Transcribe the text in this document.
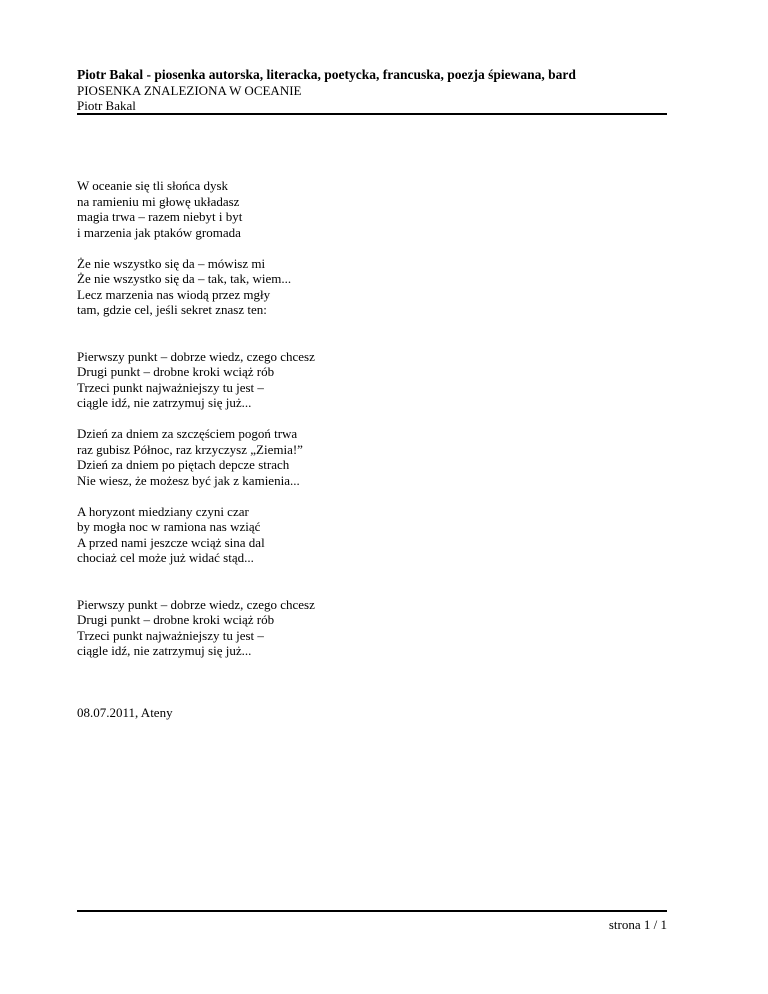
Piotr Bakal - piosenka autorska, literacka, poetycka, francuska, poezja śpiewana, bard
PIOSENKA ZNALEZIONA W OCEANIE
Piotr Bakal
W oceanie się tli słońca dysk
na ramieniu mi głowę układasz
magia trwa – razem niebyt i byt
i marzenia jak ptaków gromada
Że nie wszystko się da – mówisz mi
Że nie wszystko się da – tak, tak, wiem...
Lecz marzenia nas wiodą przez mgły
tam, gdzie cel, jeśli sekret znasz ten:
Pierwszy punkt – dobrze wiedz, czego chcesz
Drugi punkt – drobne kroki wciąż rób
Trzeci punkt najważniejszy tu jest –
ciągle idź, nie zatrzymuj się już...
Dzień za dniem za szczęściem pogoń trwa
raz gubisz Północ, raz krzyczysz „Ziemia!”
Dzień za dniem po piętach depcze strach
Nie wiesz, że możesz być jak z kamienia...
A horyzont miedziany czyni czar
by mogła noc w ramiona nas wziąć
A przed nami jeszcze wciąż sina dal
chociaż cel może już widać stąd...
Pierwszy punkt – dobrze wiedz, czego chcesz
Drugi punkt – drobne kroki wciąż rób
Trzeci punkt najważniejszy tu jest –
ciągle idź, nie zatrzymuj się już...
08.07.2011, Ateny
strona 1 / 1
